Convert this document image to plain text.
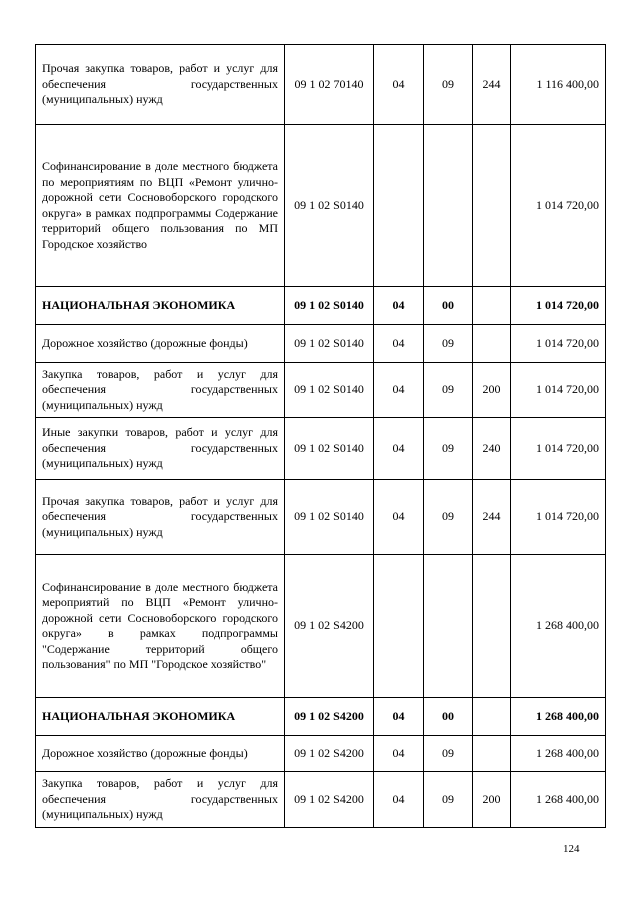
Прочая закупка товаров, работ и услуг для обеспечения государственных (муниципальных) нужд	09 1 02 70140	04	09	244	1 116 400,00
Софинансирование в доле местного бюджета по мероприятиям по ВЦП «Ремонт улично-дорожной сети Сосновоборского городского округа» в рамках подпрограммы Содержание территорий общего пользования по МП Городское хозяйство	09 1 02 S0140				1 014 720,00
НАЦИОНАЛЬНАЯ ЭКОНОМИКА	09 1 02 S0140	04	00		1 014 720,00
Дорожное хозяйство (дорожные фонды)	09 1 02 S0140	04	09		1 014 720,00
Закупка товаров, работ и услуг для обеспечения государственных (муниципальных) нужд	09 1 02 S0140	04	09	200	1 014 720,00
Иные закупки товаров, работ и услуг для обеспечения государственных (муниципальных) нужд	09 1 02 S0140	04	09	240	1 014 720,00
Прочая закупка товаров, работ и услуг для обеспечения государственных (муниципальных) нужд	09 1 02 S0140	04	09	244	1 014 720,00
Софинансирование в доле местного бюджета мероприятий по ВЦП «Ремонт улично-дорожной сети Сосновоборского городского округа» в рамках подпрограммы "Содержание территорий общего пользования" по МП "Городское хозяйство"	09 1 02 S4200				1 268 400,00
НАЦИОНАЛЬНАЯ ЭКОНОМИКА	09 1 02 S4200	04	00		1 268 400,00
Дорожное хозяйство (дорожные фонды)	09 1 02 S4200	04	09		1 268 400,00
Закупка товаров, работ и услуг для обеспечения государственных (муниципальных) нужд	09 1 02 S4200	04	09	200	1 268 400,00
124
